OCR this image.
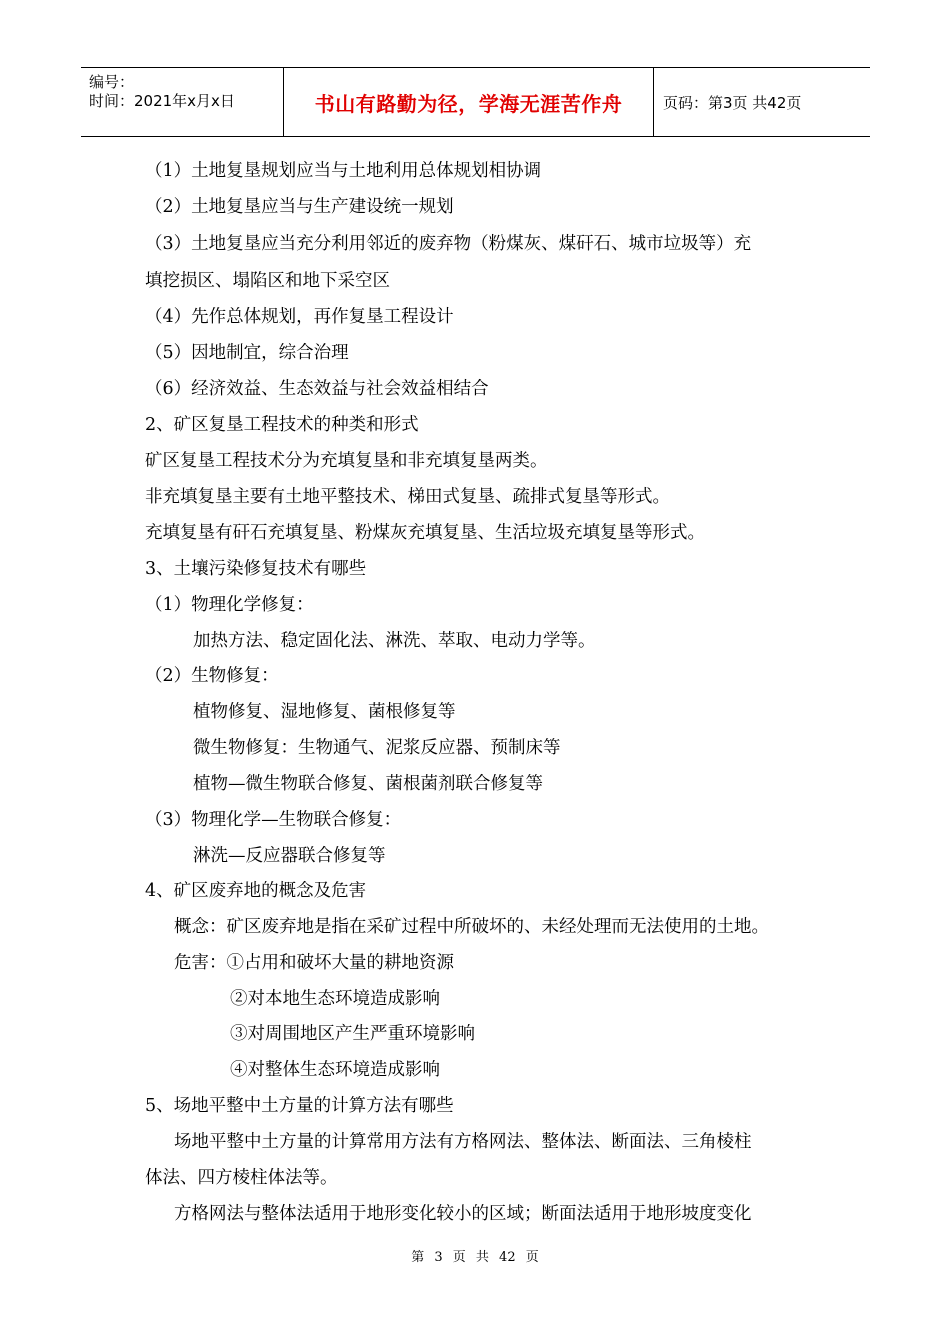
编号：
时间：2021年x月x日	书山有路勤为径，学海无涯苦作舟	页码：第3页 共42页
（1）土地复垦规划应当与土地利用总体规划相协调
（2）土地复垦应当与生产建设统一规划
（3）土地复垦应当充分利用邻近的废弃物（粉煤灰、煤矸石、城市垃圾等）充
填挖损区、塌陷区和地下采空区
（4）先作总体规划，再作复垦工程设计
（5）因地制宜，综合治理
（6）经济效益、生态效益与社会效益相结合
2、矿区复垦工程技术的种类和形式
矿区复垦工程技术分为充填复垦和非充填复垦两类。
非充填复垦主要有土地平整技术、梯田式复垦、疏排式复垦等形式。
充填复垦有矸石充填复垦、粉煤灰充填复垦、生活垃圾充填复垦等形式。
3、土壤污染修复技术有哪些
（1）物理化学修复：
加热方法、稳定固化法、淋洗、萃取、电动力学等。
（2）生物修复：
植物修复、湿地修复、菌根修复等
微生物修复：生物通气、泥浆反应器、预制床等
植物—微生物联合修复、菌根菌剂联合修复等
（3）物理化学—生物联合修复：
淋洗—反应器联合修复等
4、矿区废弃地的概念及危害
概念：矿区废弃地是指在采矿过程中所破坏的、未经处理而无法使用的土地。
危害：①占用和破坏大量的耕地资源
②对本地生态环境造成影响
③对周围地区产生严重环境影响
④对整体生态环境造成影响
5、场地平整中土方量的计算方法有哪些
场地平整中土方量的计算常用方法有方格网法、整体法、断面法、三角棱柱
体法、四方棱柱体法等。
方格网法与整体法适用于地形变化较小的区域；断面法适用于地形坡度变化
第 3 页 共 42 页
